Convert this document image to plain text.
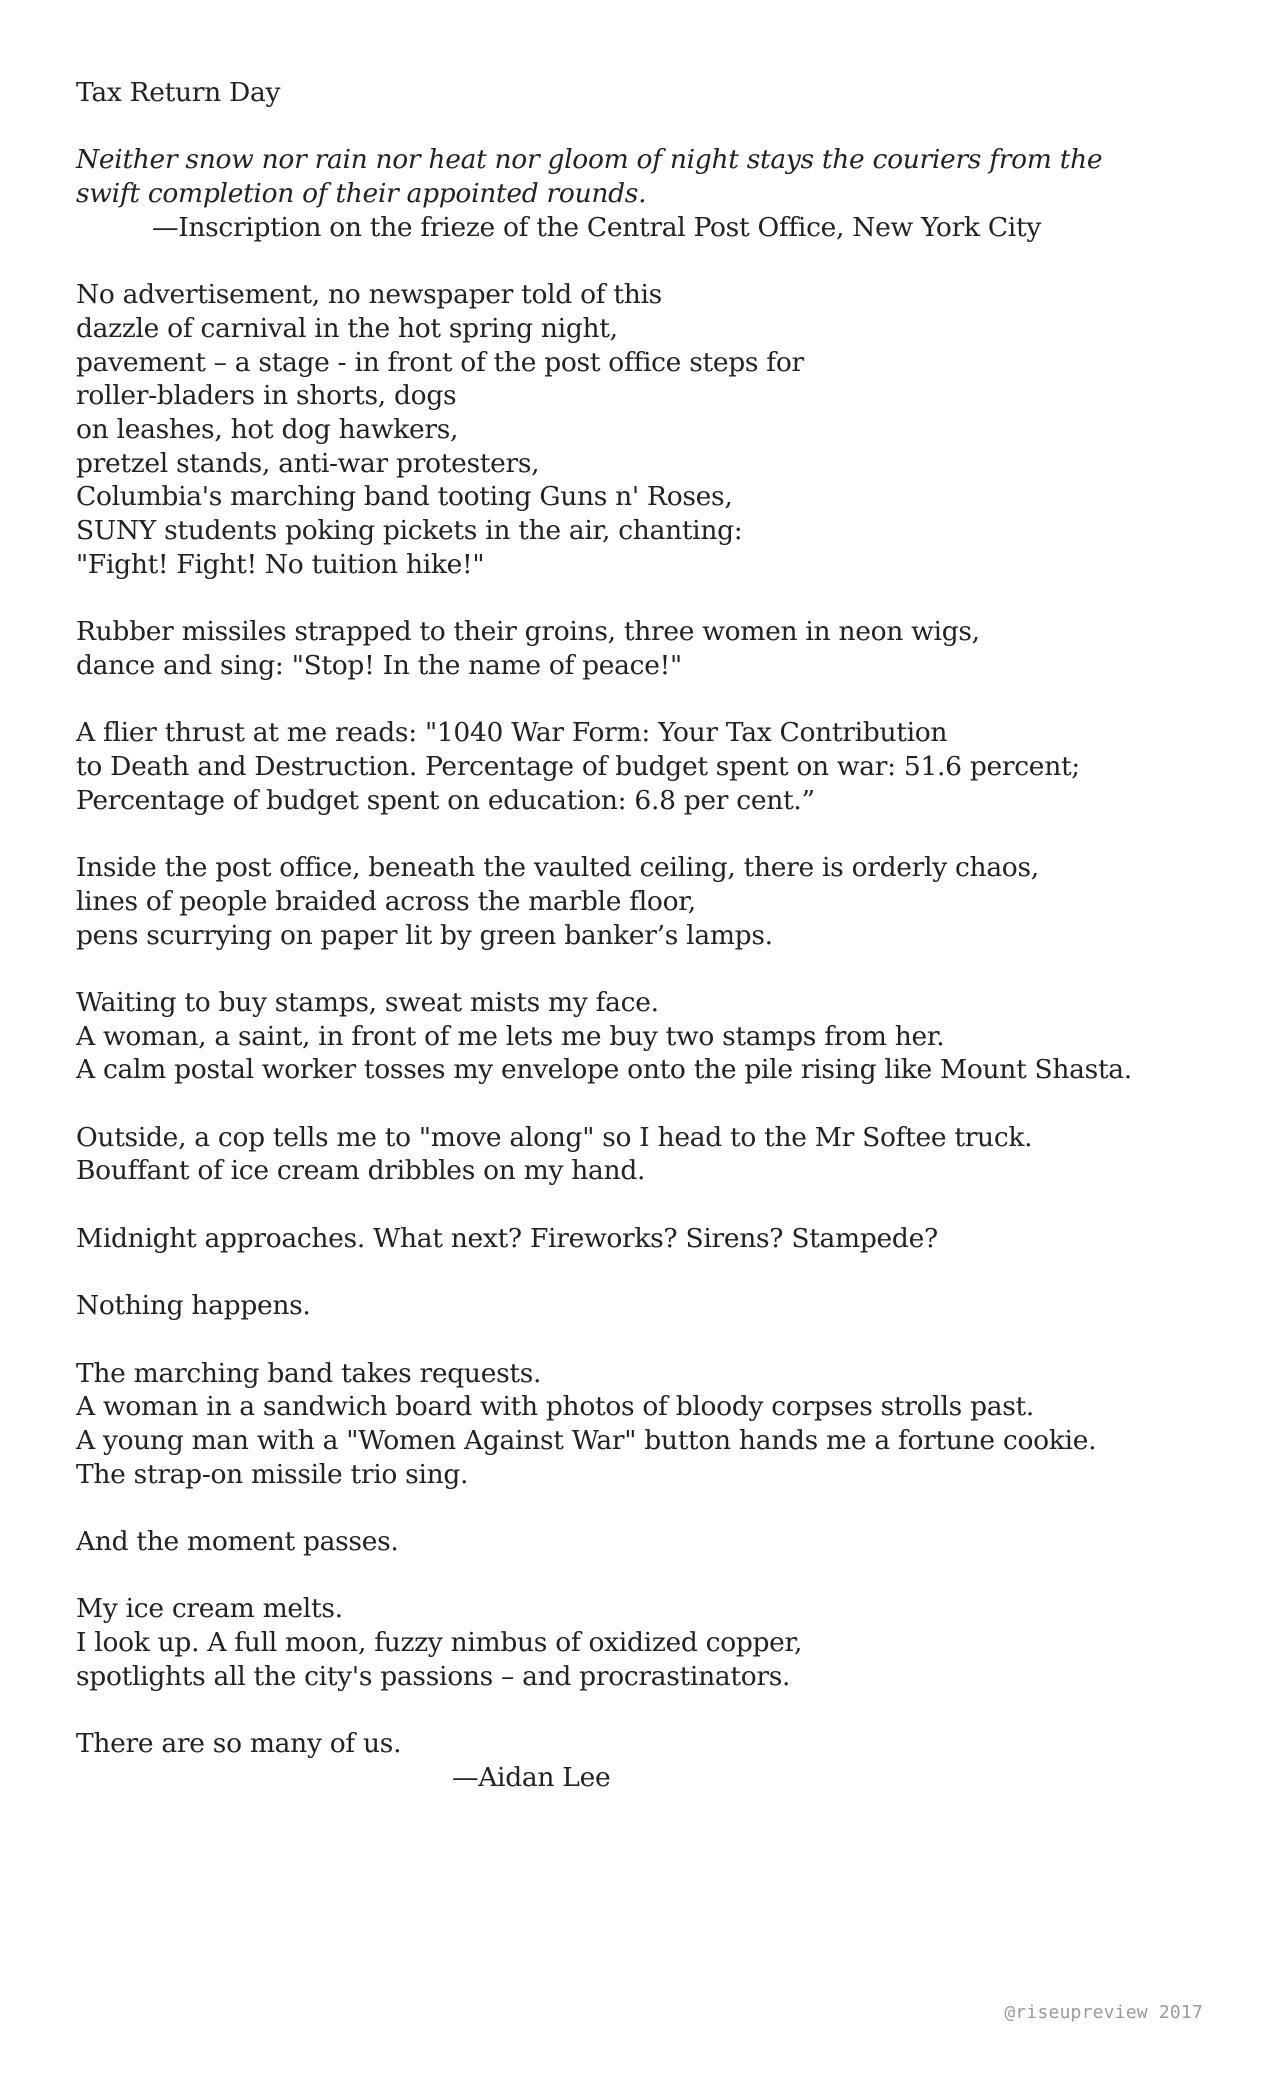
Tax Return Day

Neither snow nor rain nor heat nor gloom of night stays the couriers from the
swift completion of their appointed rounds.

—Inscription on the frieze of the Central Post Office, New York City

No advertisement, no newspaper told of this
dazzle of carnival in the hot spring night,
pavement – a stage - in front of the post office steps for
roller-bladers in shorts, dogs
on leashes, hot dog hawkers,
pretzel stands, anti-war protesters,
Columbia's marching band tooting Guns n' Roses,
SUNY students poking pickets in the air, chanting:
"Fight! Fight! No tuition hike!"

Rubber missiles strapped to their groins, three women in neon wigs,
dance and sing: "Stop! In the name of peace!"

A flier thrust at me reads: "1040 War Form: Your Tax Contribution
to Death and Destruction. Percentage of budget spent on war: 51.6 percent;
Percentage of budget spent on education: 6.8 per cent.”

Inside the post office, beneath the vaulted ceiling, there is orderly chaos,
lines of people braided across the marble floor,
pens scurrying on paper lit by green banker’s lamps.

Waiting to buy stamps, sweat mists my face.
A woman, a saint, in front of me lets me buy two stamps from her.
A calm postal worker tosses my envelope onto the pile rising like Mount Shasta.

Outside, a cop tells me to "move along" so I head to the Mr Softee truck.
Bouffant of ice cream dribbles on my hand.

Midnight approaches. What next? Fireworks? Sirens? Stampede?

Nothing happens.

The marching band takes requests.
A woman in a sandwich board with photos of bloody corpses strolls past.
A young man with a "Women Against War" button hands me a fortune cookie.
The strap-on missile trio sing.

And the moment passes.

My ice cream melts.
I look up. A full moon, fuzzy nimbus of oxidized copper,
spotlights all the city's passions – and procrastinators.

There are so many of us.

—Aidan Lee

@riseupreview 2017
